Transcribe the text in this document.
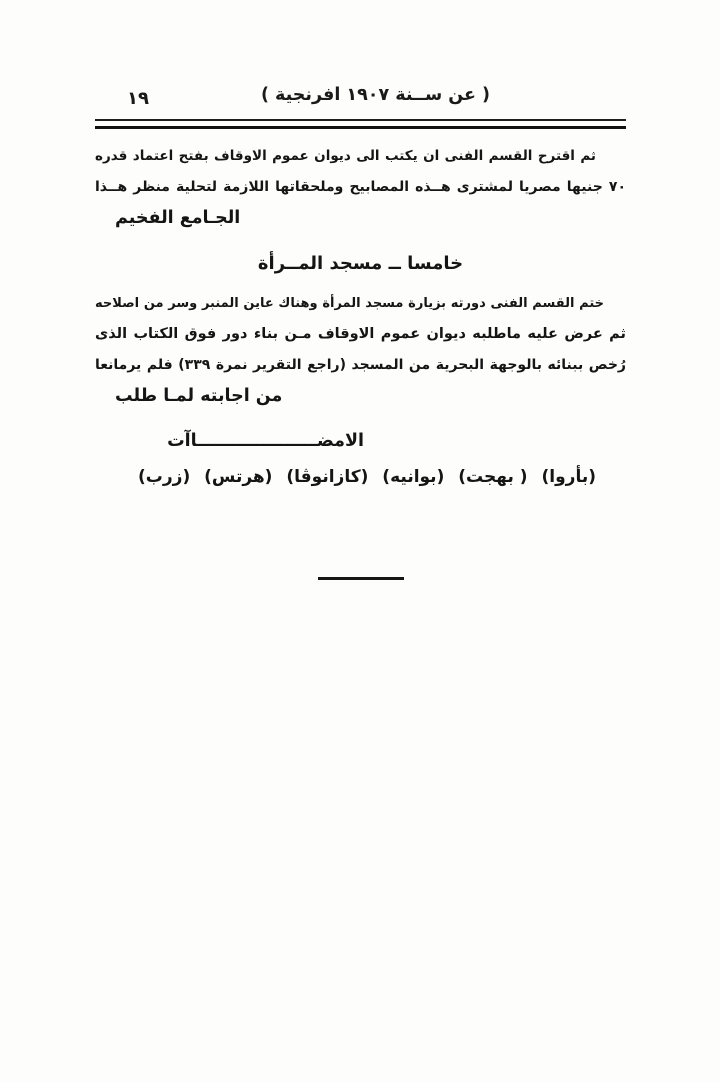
١٩	( عن ســنة ١٩٠٧ افرنجية )
ثم اقترح القسم الفنى ان يكتب الى ديوان عموم الاوقاف بفتح اعتماد قدره
٧٠ جنيها مصريا لمشترى هــذه المصابيح وملحقاتها اللازمة لتحلية منظر هــذا
الجـامع الفخيم
خامسا ــ مسجد المــرأة
ختم القسم الفنى دورته بزيارة مسجد المرأة وهناك عاين المنبر وسر من اصلاحه
ثم عرض عليه ماطلبه ديوان عموم الاوقاف مـن بناء دور فوق الكتاب الذى
رُخص ببنائه بالوجهة البحرية من المسجد (راجع التقرير نمرة ٣٣٩) فلم يرمانعا
من اجابته لمـا طلب
الامضــــــــــــــــــــاآت
(بأروا)
( بهجت)
(بوانيه)
(كازانوڤا)
(هرتس)
(زرب)
